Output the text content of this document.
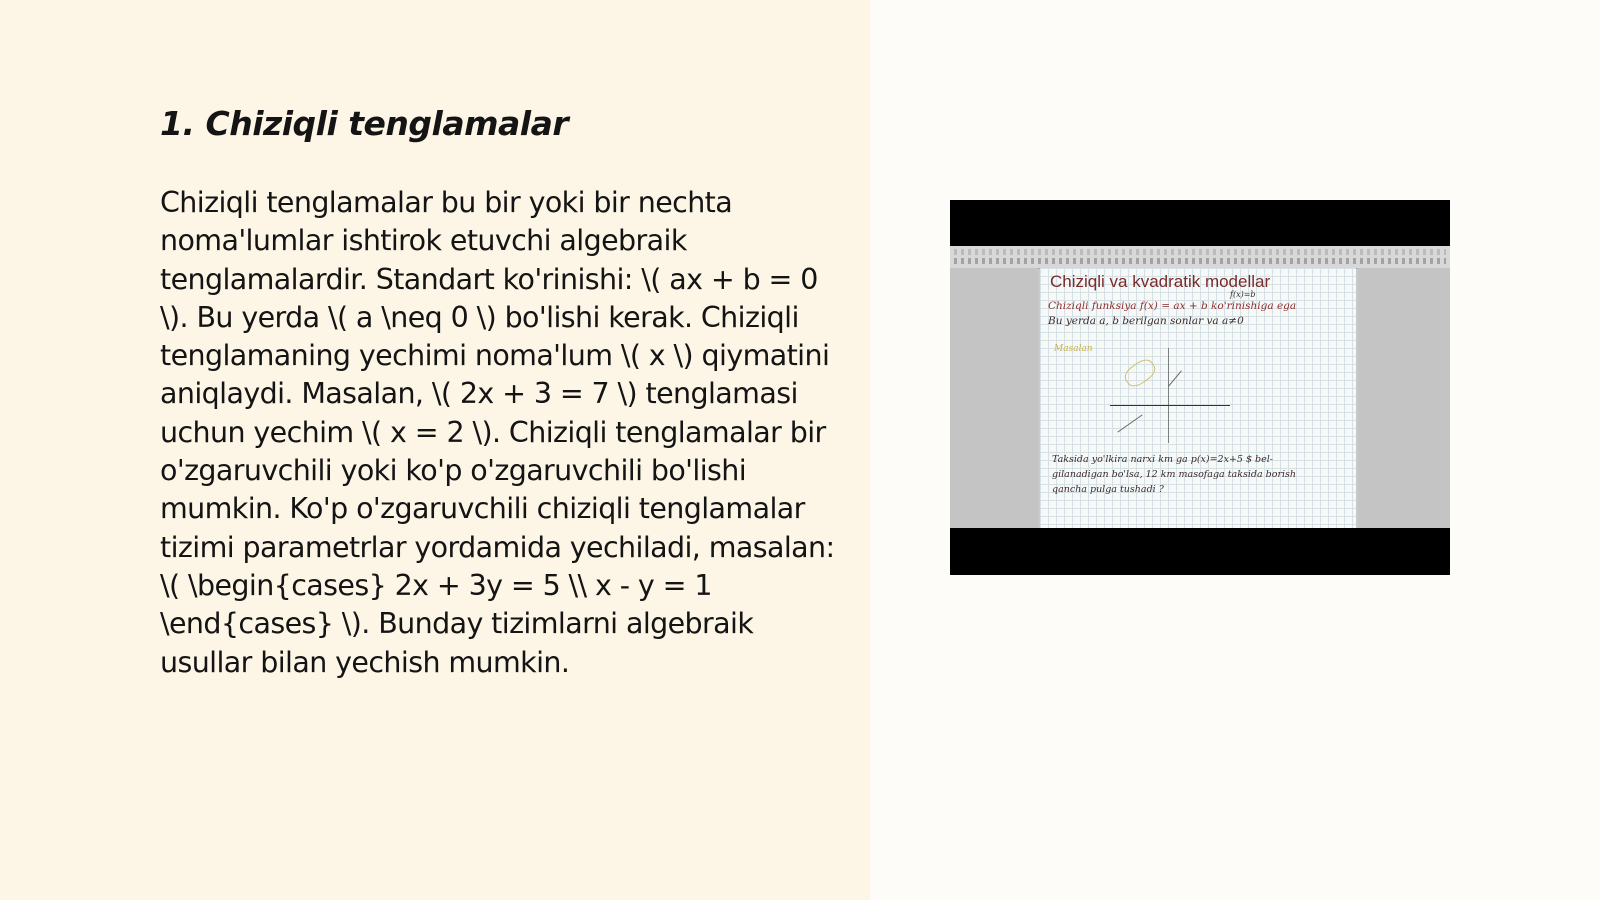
1. Chiziqli tenglamalar

Chiziqli tenglamalar bu bir yoki bir nechta noma'lumlar ishtirok etuvchi algebraik tenglamalardir. Standart ko'rinishi: \( ax + b = 0 \). Bu yerda \( a \neq 0 \) bo'lishi kerak. Chiziqli tenglamaning yechimi noma'lum \( x \) qiymatini aniqlaydi. Masalan, \( 2x + 3 = 7 \) tenglamasi uchun yechim \( x = 2 \). Chiziqli tenglamalar bir o'zgaruvchili yoki ko'p o'zgaruvchili bo'lishi mumkin. Ko'p o'zgaruvchili chiziqli tenglamalar tizimi parametrlar yordamida yechiladi, masalan: \( \begin{cases} 2x + 3y = 5 \\ x - y = 1 \end{cases} \). Bunday tizimlarni algebraik usullar bilan yechish mumkin.

Chiziqli va kvadratik modellar
f(x)=b
Chiziqli funksiya f(x) = ax + b ko'rinishiga ega
Bu yerda a, b berilgan sonlar va a≠0
Masalan
Taksida yo'lkira narxi km ga p(x)=2x+5 $ bel-
gilanadigan bo'lsa, 12 km masofaga taksida borish
qancha pulga tushadi ?
